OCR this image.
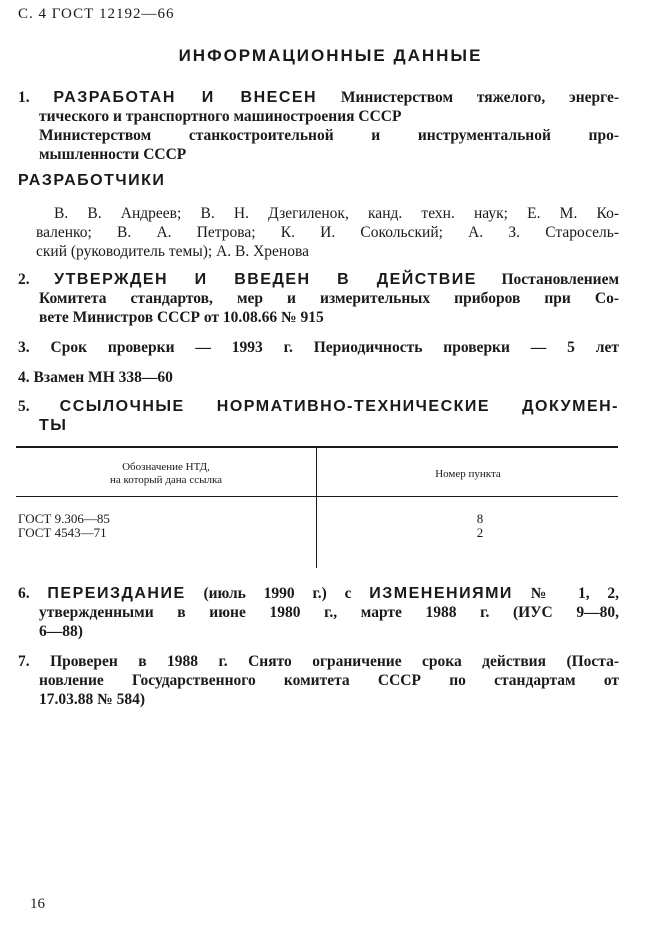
С. 4 ГОСТ 12192—66
ИНФОРМАЦИОННЫЕ ДАННЫЕ
1. РАЗРАБОТАН И ВНЕСЕН Министерством тяжелого, энерге-
тического и транспортного машиностроения СССР
Министерством станкостроительной и инструментальной про-
мышленности СССР
РАЗРАБОТЧИКИ
В. В. Андреев; В. Н. Дзегиленок, канд. техн. наук; Е. М. Ко-
валенко; В. А. Петрова; К. И. Сокольский; А. З. Старосель-
ский (руководитель темы); А. В. Хренова
2. УТВЕРЖДЕН И ВВЕДЕН В ДЕЙСТВИЕ Постановлением
Комитета стандартов, мер и измерительных приборов при Со-
вете Министров СССР от 10.08.66 № 915
3. Срок проверки — 1993 г. Периодичность проверки — 5 лет
4. Взамен МН 338—60
5. ССЫЛОЧНЫЕ НОРМАТИВНО-ТЕХНИЧЕСКИЕ ДОКУМЕН-
ТЫ
Обозначение НТД,
на который дана ссылка	Номер пункта
ГОСТ 9.306—85	8
ГОСТ 4543—71	2
6. ПЕРЕИЗДАНИЕ (июль 1990 г.) с ИЗМЕНЕНИЯМИ № 1, 2,
утвержденными в июне 1980 г., марте 1988 г. (ИУС 9—80,
6—88)
7. Проверен в 1988 г. Снято ограничение срока действия (Поста-
новление Государственного комитета СССР по стандартам от
17.03.88 № 584)
16
